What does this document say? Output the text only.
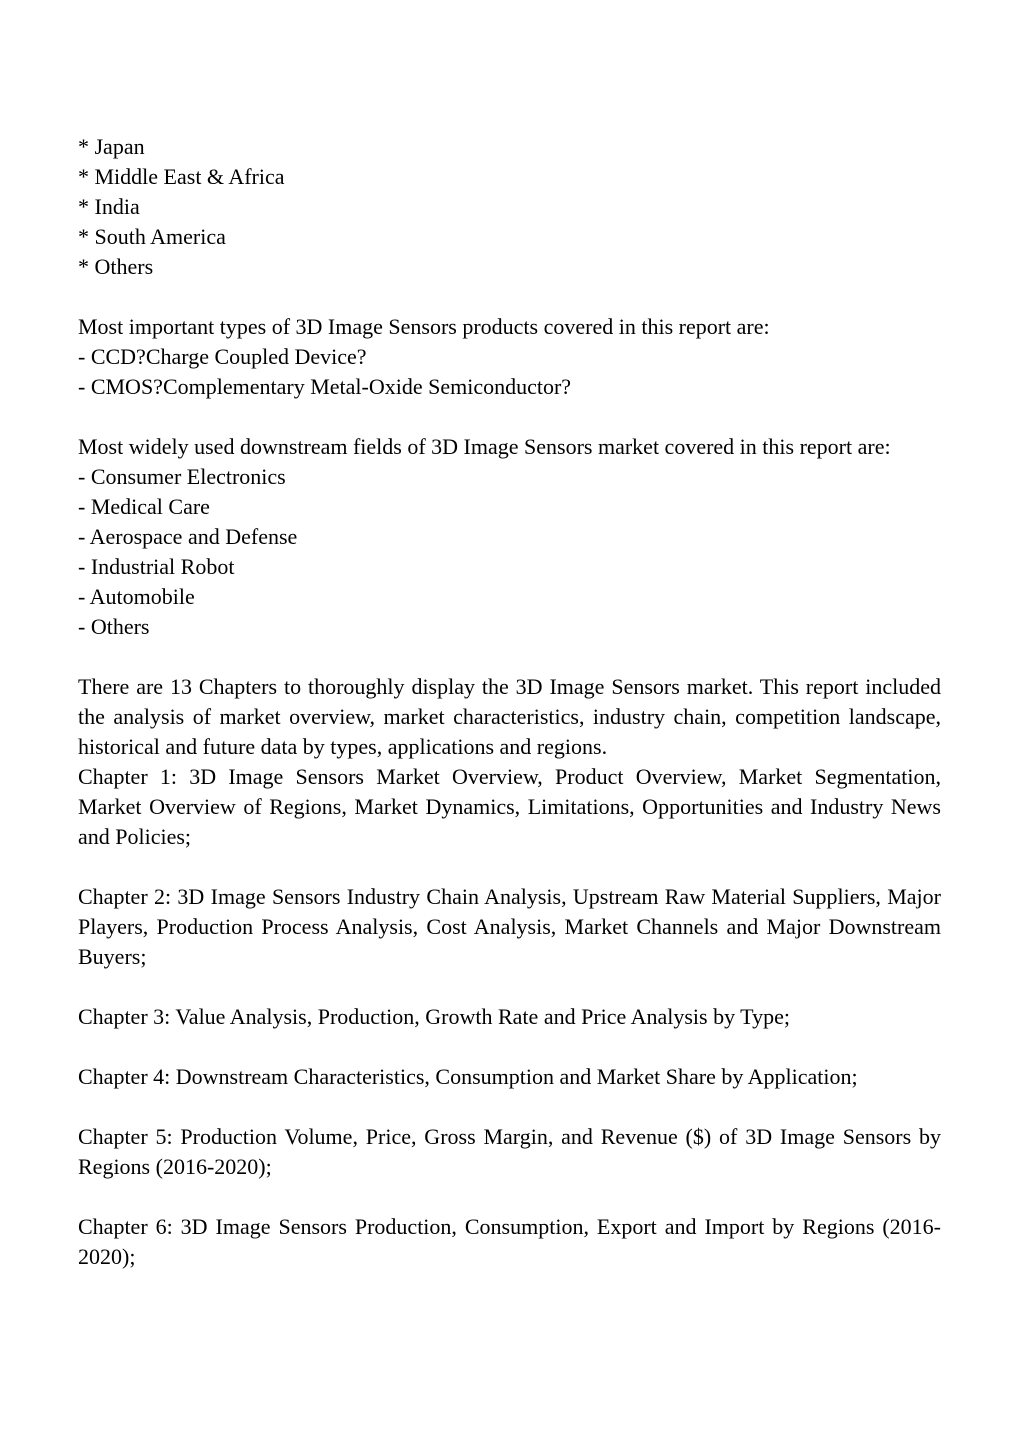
* Japan
* Middle East & Africa
* India
* South America
* Others
Most important types of 3D Image Sensors products covered in this report are:
- CCD?Charge Coupled Device?
- CMOS?Complementary Metal-Oxide Semiconductor?

Most widely used downstream fields of 3D Image Sensors market covered in this report are:

- Consumer Electronics
- Medical Care
- Aerospace and Defense
- Industrial Robot
- Automobile
- Others

There are 13 Chapters to thoroughly display the 3D Image Sensors market. This report included the analysis of market overview, market characteristics, industry chain, competition landscape, historical and future data by types, applications and regions.

Chapter 1: 3D Image Sensors Market Overview, Product Overview, Market Segmentation, Market Overview of Regions, Market Dynamics, Limitations, Opportunities and Industry News and Policies;

Chapter 2: 3D Image Sensors Industry Chain Analysis, Upstream Raw Material Suppliers, Major Players, Production Process Analysis, Cost Analysis, Market Channels and Major Downstream Buyers;

Chapter 3: Value Analysis, Production, Growth Rate and Price Analysis by Type;

Chapter 4: Downstream Characteristics, Consumption and Market Share by Application;

Chapter 5: Production Volume, Price, Gross Margin, and Revenue ($) of 3D Image Sensors by Regions (2016-2020);

Chapter 6: 3D Image Sensors Production, Consumption, Export and Import by Regions (2016-2020);
